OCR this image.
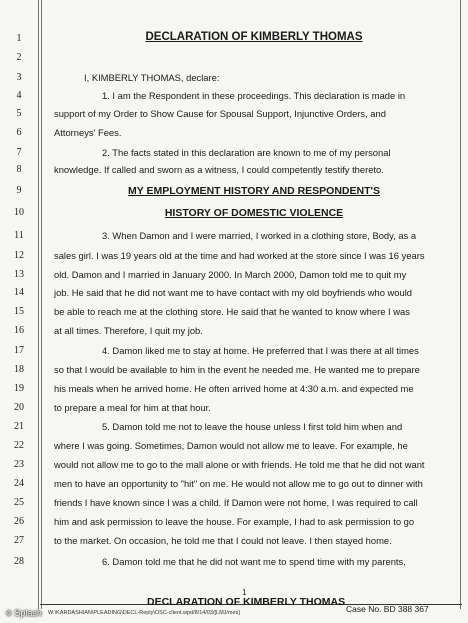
1
2
3
4
5
6
7
8
9
10
11
12
13
14
15
16
17
18
19
20
21
22
23
24
25
26
27
28
DECLARATION OF KIMBERLY THOMAS
I, KIMBERLY THOMAS, declare:
1. I am the Respondent in these proceedings. This declaration is made in
support of my Order to Show Cause for Spousal Support, Injunctive Orders, and
Attorneys' Fees.
2. The facts stated in this declaration are known to me of my personal
knowledge. If called and sworn as a witness, I could competently testify thereto.
MY EMPLOYMENT HISTORY AND RESPONDENT'S
HISTORY OF DOMESTIC VIOLENCE
3. When Damon and I were married, I worked in a clothing store, Body, as a
sales girl. I was 19 years old at the time and had worked at the store since I was 16 years
old. Damon and I married in January 2000. In March 2000, Damon told me to quit my
job. He said that he did not want me to have contact with my old boyfriends who would
be able to reach me at the clothing store. He said that he wanted to know where I was
at all times. Therefore, I quit my job.
4. Damon liked me to stay at home. He preferred that I was there at all times
so that I would be available to him in the event he needed me. He wanted me to prepare
his meals when he arrived home. He often arrived home at 4:30 a.m. and expected me
to prepare a meal for him at that hour.
5. Damon told me not to leave the house unless I first told him when and
where I was going. Sometimes, Damon would not allow me to leave. For example, he
would not allow me to go to the mall alone or with friends. He told me that he did not want
men to have an opportunity to "hit" on me. He would not allow me to go out to dinner with
friends I have known since I was a child. If Damon were not home, I was required to call
him and ask permission to leave the house. For example, I had to ask permission to go
to the market. On occasion, he told me that I could not leave. I then stayed home.
6. Damon told me that he did not want me to spend time with my parents,
1
DECLARATION OF KIMBERLY THOMAS
Case No. BD 388 367
W:\KARDASHIAN\PLEADING\DECL-Reply\OSC-client.wpd/8/14/03/[LMJ/mes]
© Splash
